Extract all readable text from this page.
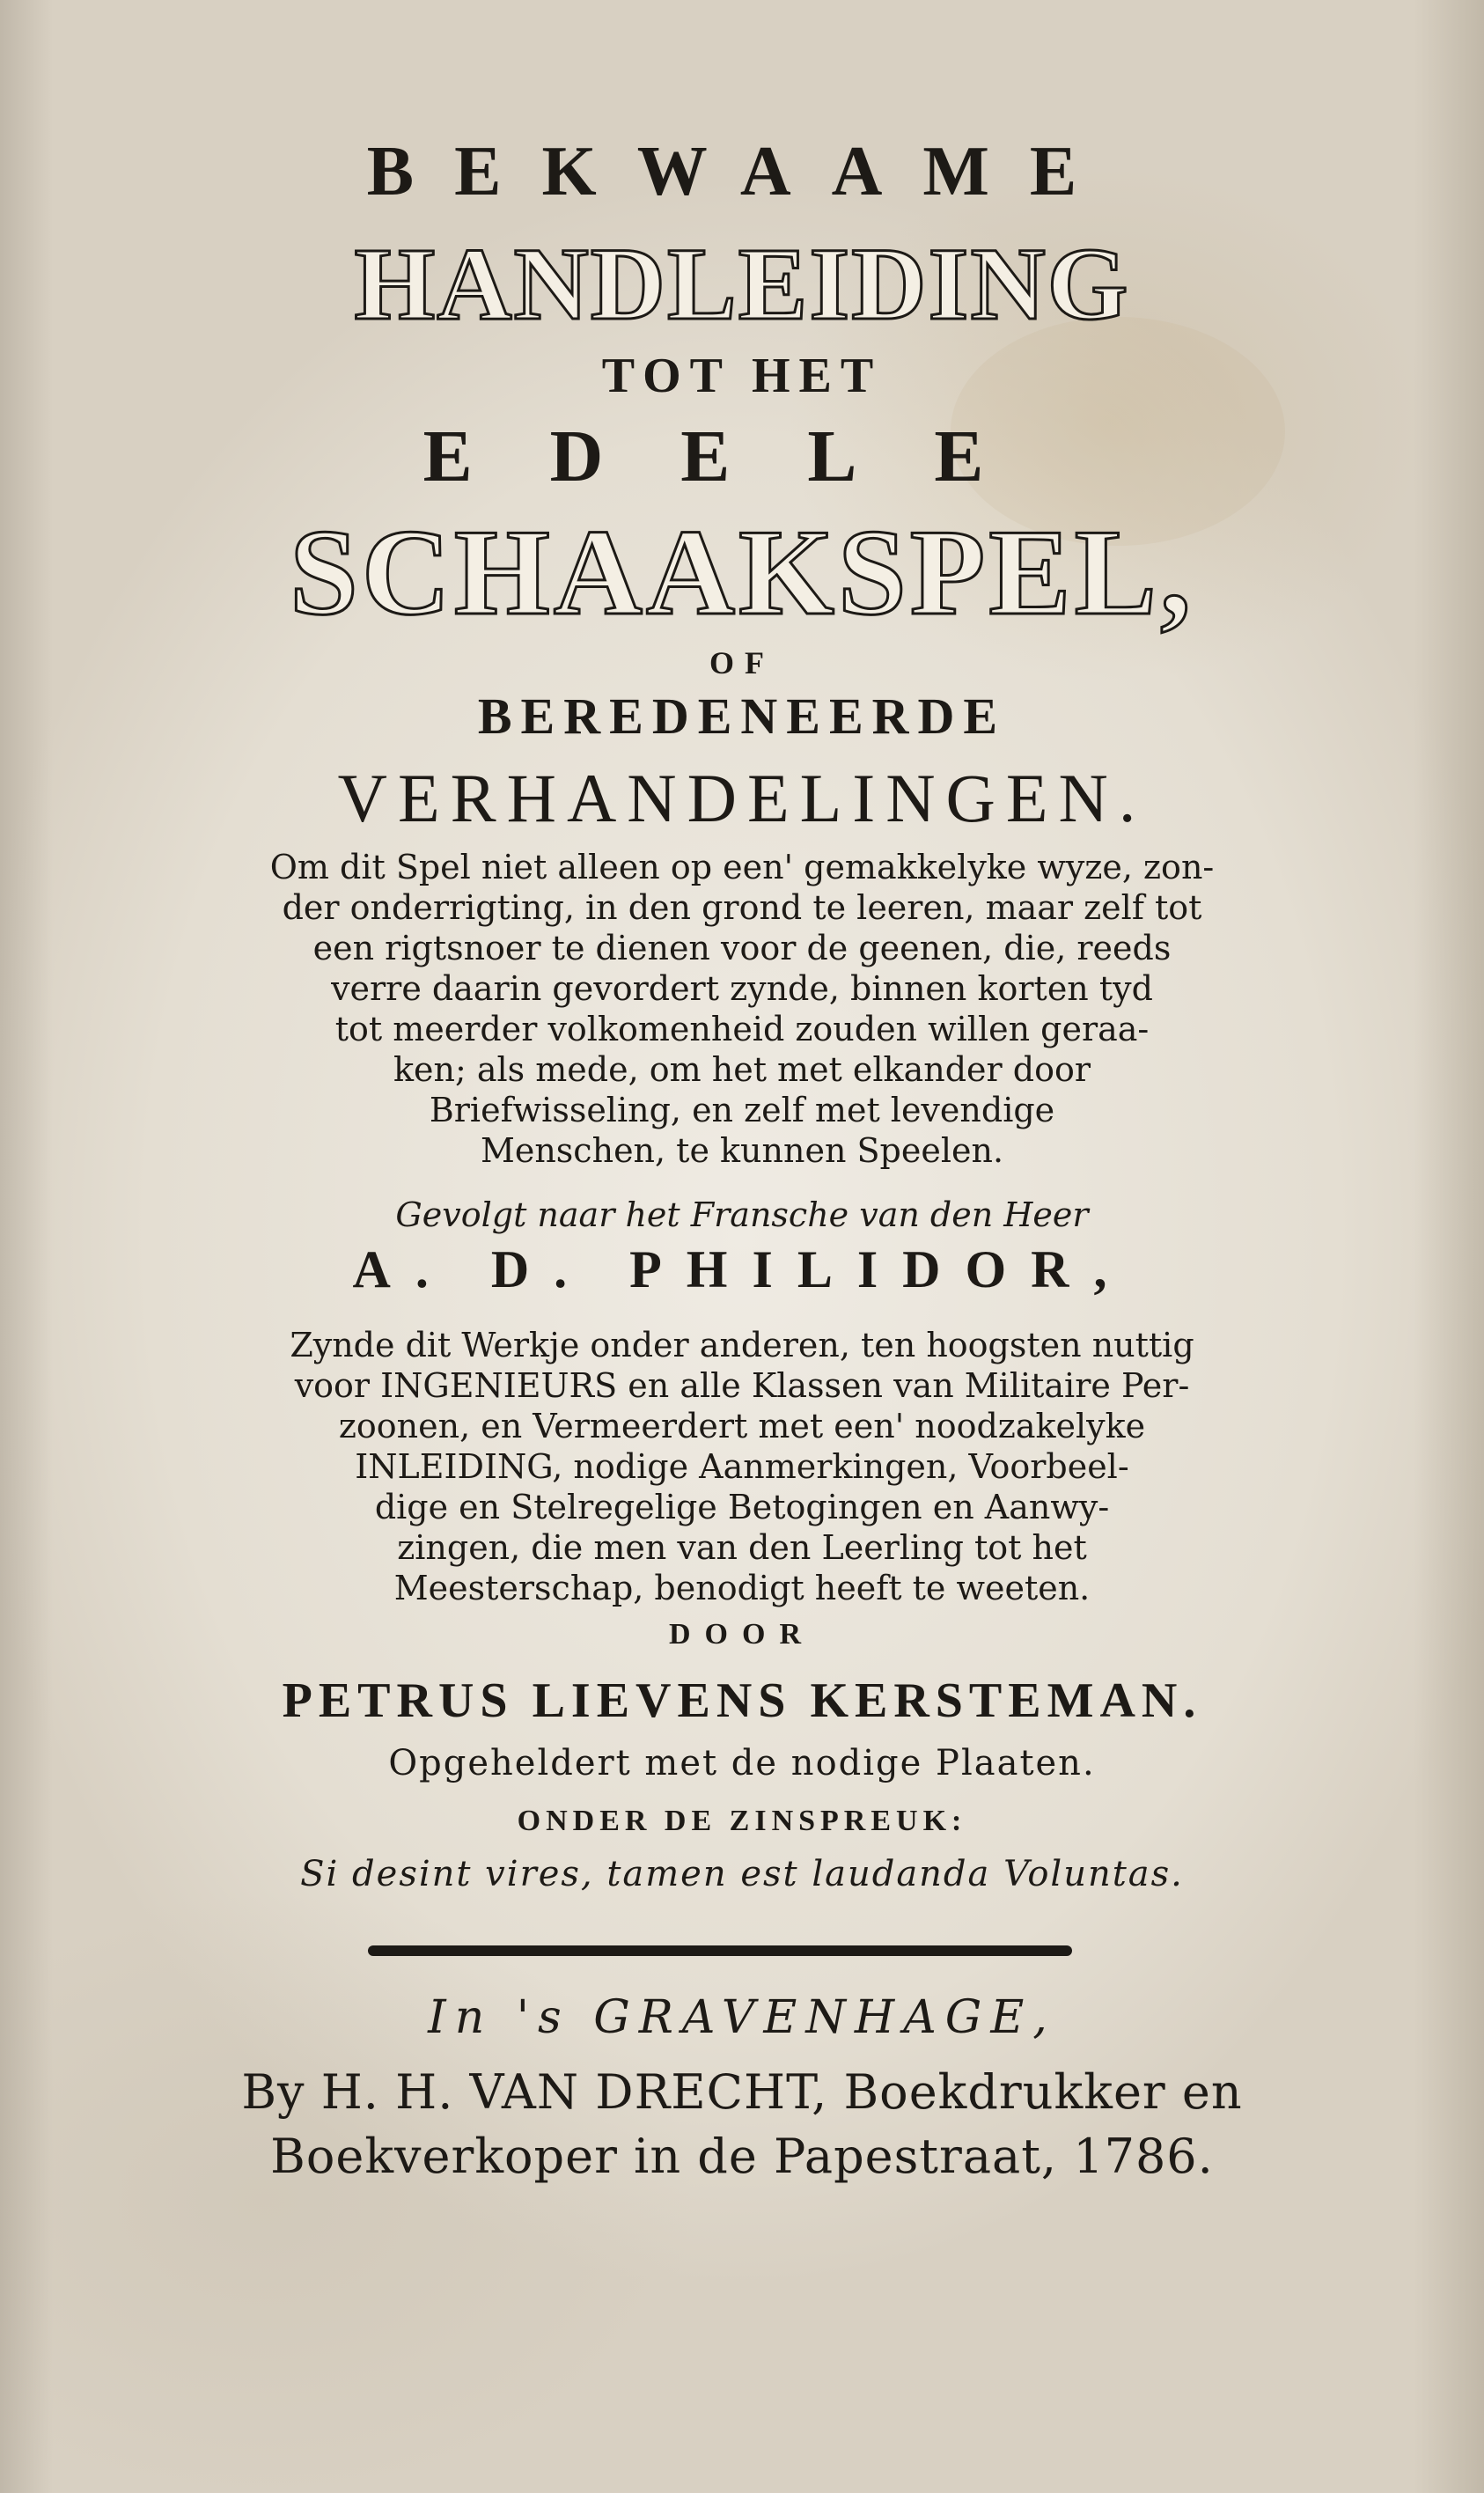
BEKWAAME
HANDLEIDING
TOT HET
EDELE
SCHAAKSPEL,
OF
BEREDENEERDE
VERHANDELINGEN.
Om dit Spel niet alleen op een' gemakkelyke wyze, zon-
der onderrigting, in den grond te leeren, maar zelf tot
een rigtsnoer te dienen voor de geenen, die, reeds
verre daarin gevordert zynde, binnen korten tyd
tot meerder volkomenheid zouden willen geraa-
ken; als mede, om het met elkander door
Briefwisseling, en zelf met levendige
Menschen, te kunnen Speelen.
Gevolgt naar het Fransche van den Heer
A. D. PHILIDOR,
Zynde dit Werkje onder anderen, ten hoogsten nuttig
voor INGENIEURS en alle Klassen van Militaire Per-
zoonen, en Vermeerdert met een' noodzakelyke
INLEIDING, nodige Aanmerkingen, Voorbeel-
dige en Stelregelige Betogingen en Aanwy-
zingen, die men van den Leerling tot het
Meesterschap, benodigt heeft te weeten.
DOOR
PETRUS LIEVENS KERSTEMAN.
Opgeheldert met de nodige Plaaten.
ONDER DE ZINSPREUK:
Si desint vires, tamen est laudanda Voluntas.
In 's GRAVENHAGE,
By H. H. VAN DRECHT, Boekdrukker en
Boekverkoper in de Papestraat, 1786.
